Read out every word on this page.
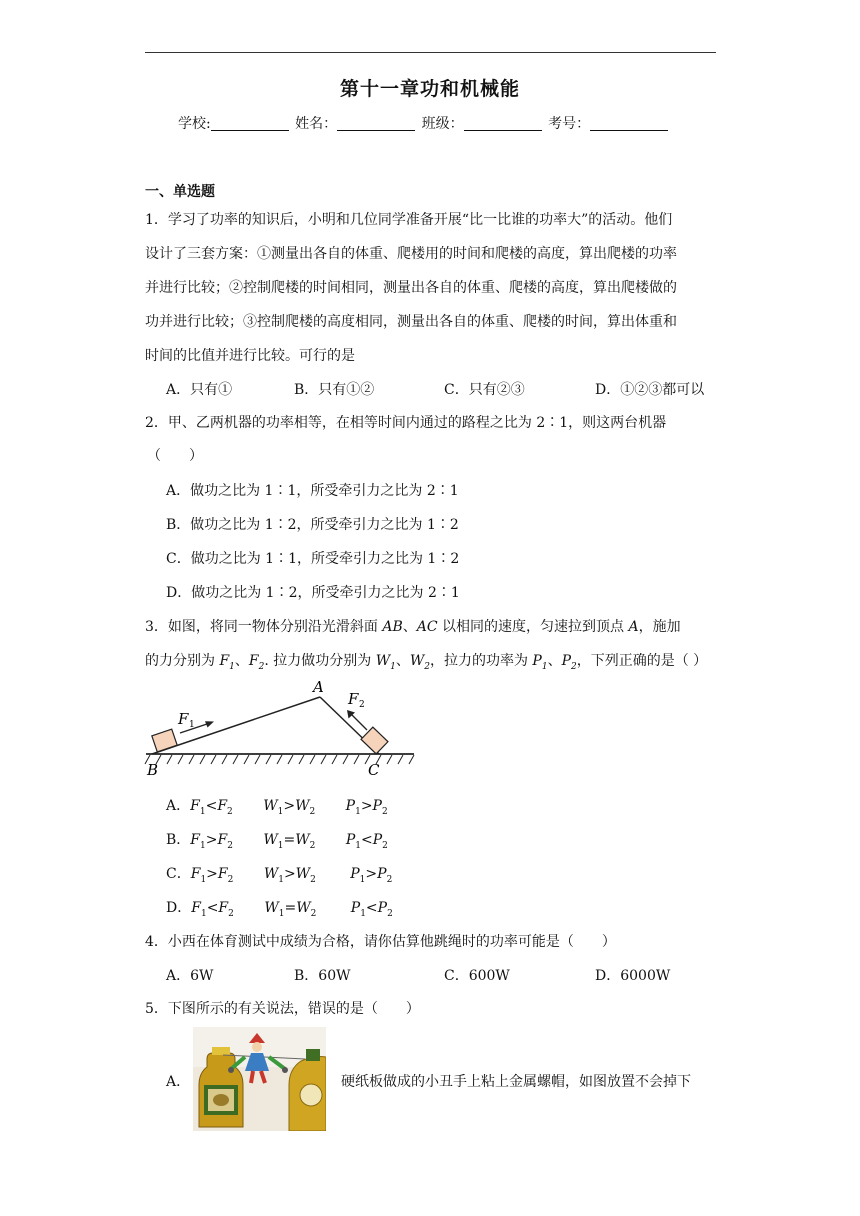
第十一章功和机械能
学校:	姓名：	班级：	考号：
一、单选题
1．学习了功率的知识后，小明和几位同学准备开展“比一比谁的功率大”的活动。他们
设计了三套方案：①测量出各自的体重、爬楼用的时间和爬楼的高度，算出爬楼的功率
并进行比较；②控制爬楼的时间相同，测量出各自的体重、爬楼的高度，算出爬楼做的
功并进行比较；③控制爬楼的高度相同，测量出各自的体重、爬楼的时间，算出体重和
时间的比值并进行比较。可行的是
A．只有①	B．只有①②	C．只有②③	D．①②③都可以
2．甲、乙两机器的功率相等，在相等时间内通过的路程之比为 2∶1，则这两台机器
（　　）
A．做功之比为 1∶1，所受牵引力之比为 2∶1
B．做功之比为 1∶2，所受牵引力之比为 1∶2
C．做功之比为 1∶1，所受牵引力之比为 1∶2
D．做功之比为 1∶2，所受牵引力之比为 2∶1
3．如图，将同一物体分别沿光滑斜面 AB、AC 以相同的速度，匀速拉到顶点 A，施加
的力分别为 $F_1$、$F_2$. 拉力做功分别为 $W_1$、$W_2$，拉力的功率为 $P_1$、$P_2$，下列正确的是（ ）
F 1
F 2
A
B	C
A．$F_1<F_2$ $W_1>W_2$ $P_1>P_2$
B．$F_1>F_2$ $W_1=W_2$ $P_1<P_2$
C．$F_1>F_2$ $W_1>W_2$ $P_1>P_2$
D．$F_1<F_2$ $W_1=W_2$ $P_1<P_2$
4．小西在体育测试中成绩为合格，请你估算他跳绳时的功率可能是（　　）
A．6W	B．60W	C．600W	D．6000W
5．下图所示的有关说法，错误的是（　　）
A．	硬纸板做成的小丑手上粘上金属螺帽，如图放置不会掉下
